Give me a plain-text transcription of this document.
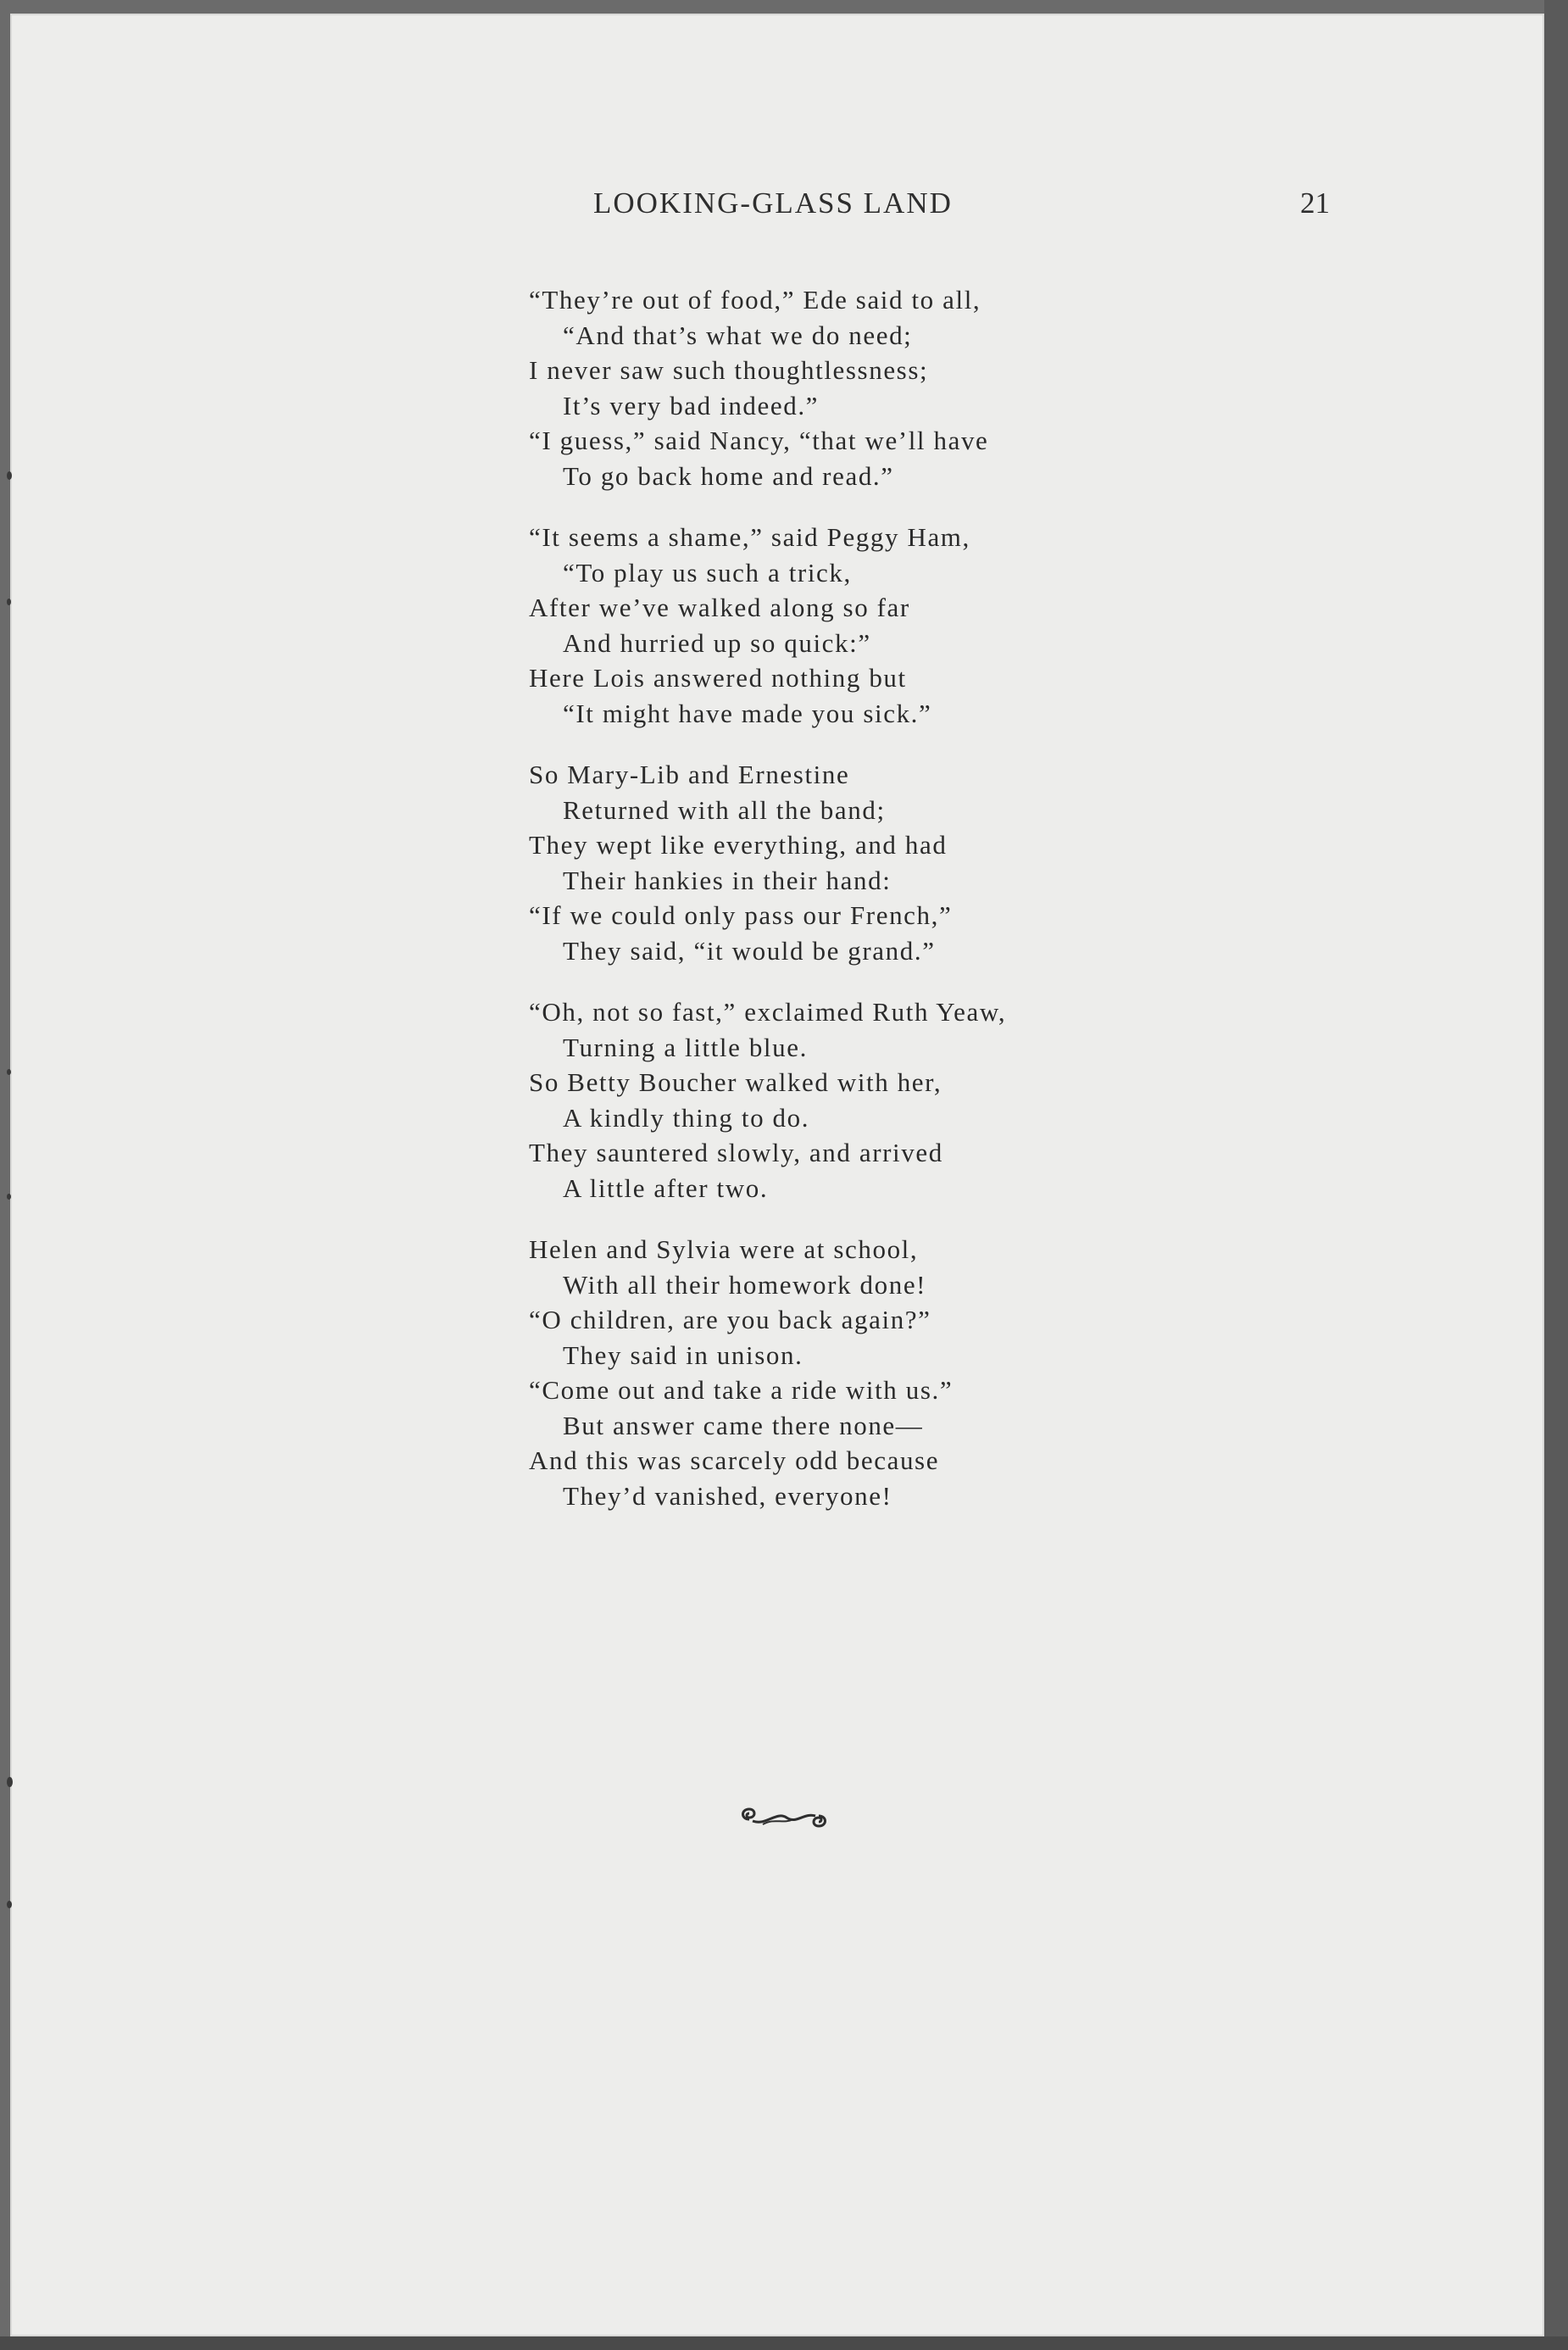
LOOKING-GLASS LAND	21
“They’re out of food,” Ede said to all,
“And that’s what we do need;
I never saw such thoughtlessness;
It’s very bad indeed.”
“I guess,” said Nancy, “that we’ll have
To go back home and read.”
“It seems a shame,” said Peggy Ham,
“To play us such a trick,
After we’ve walked along so far
And hurried up so quick:”
Here Lois answered nothing but
“It might have made you sick.”
So Mary-Lib and Ernestine
Returned with all the band;
They wept like everything, and had
Their hankies in their hand:
“If we could only pass our French,”
They said, “it would be grand.”
“Oh, not so fast,” exclaimed Ruth Yeaw,
Turning a little blue.
So Betty Boucher walked with her,
A kindly thing to do.
They sauntered slowly, and arrived
A little after two.
Helen and Sylvia were at school,
With all their homework done!
“O children, are you back again?”
They said in unison.
“Come out and take a ride with us.”
But answer came there none—
And this was scarcely odd because
They’d vanished, everyone!
